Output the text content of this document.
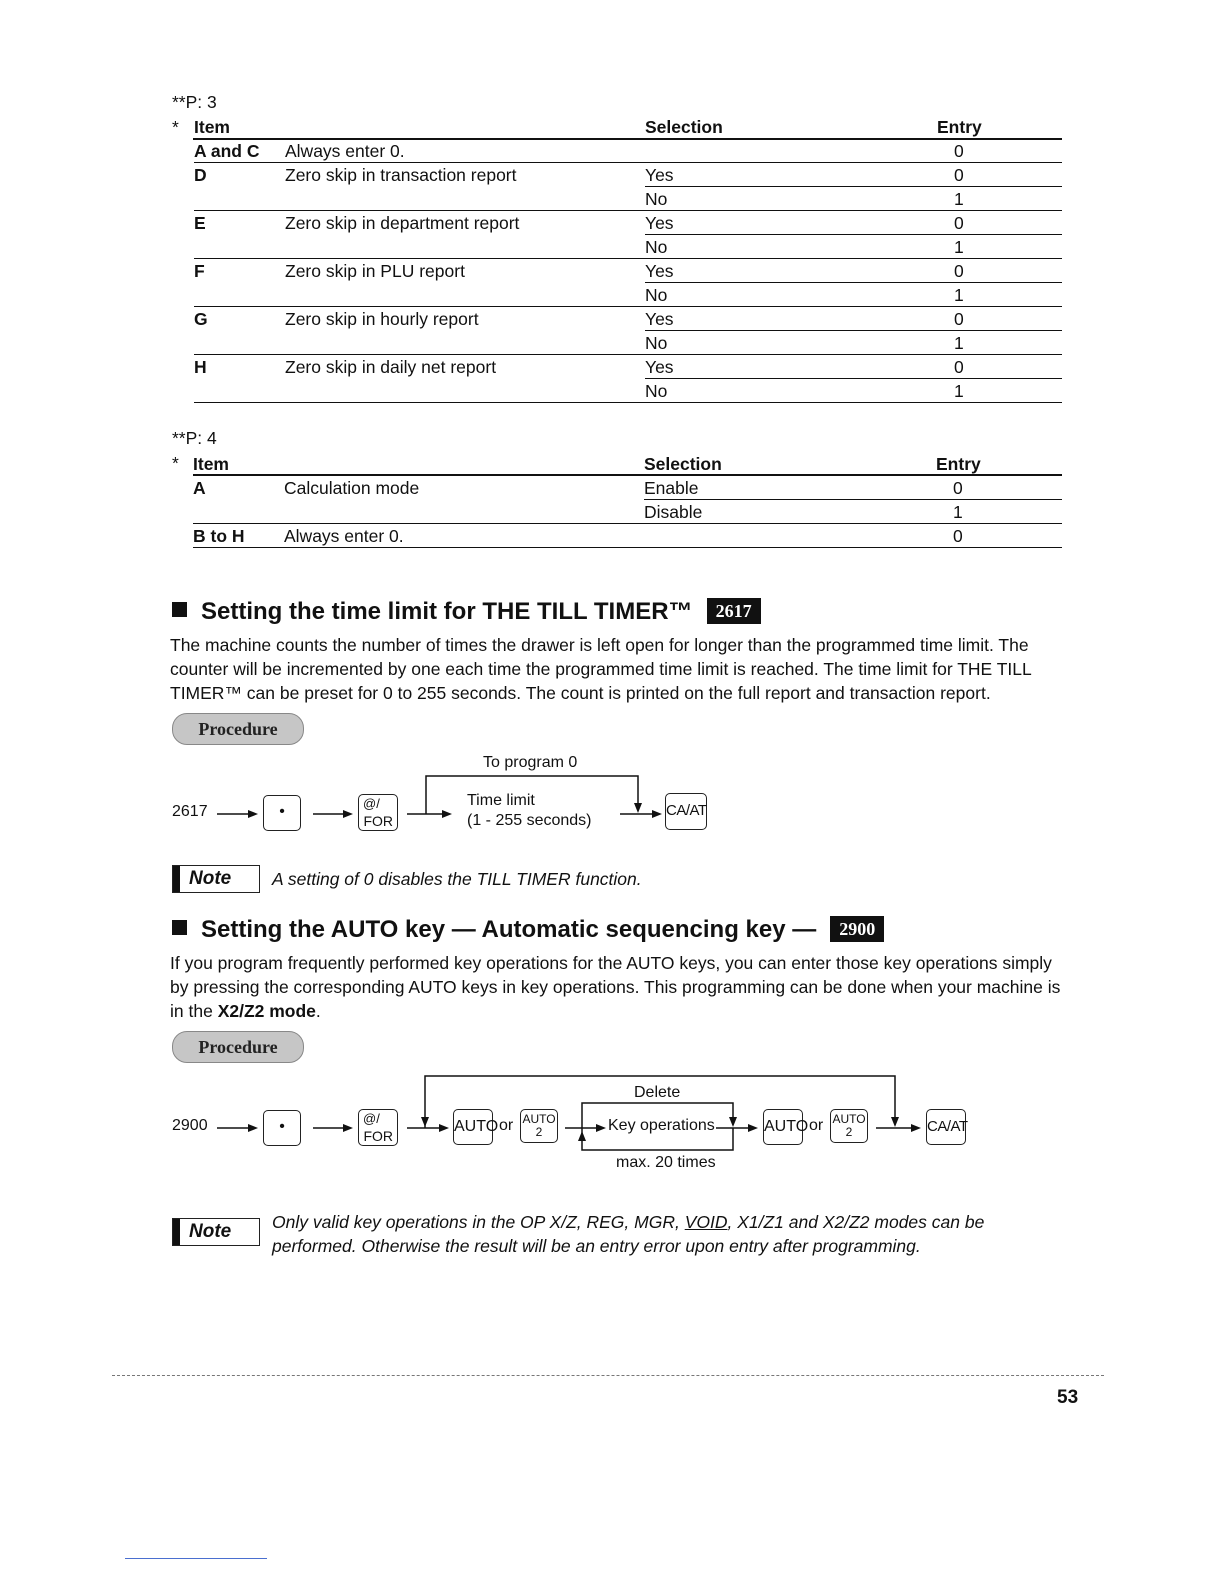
**P: 3
* Item	Selection	Entry
A and C Always enter 0.	0
D	Zero skip in transaction report	Yes	0
No	1
E	Zero skip in department report	Yes	0
No	1
F	Zero skip in PLU report	Yes	0
No	1
G	Zero skip in hourly report	Yes	0
No	1
H	Zero skip in daily net report	Yes	0
No	1
**P: 4
* Item	Selection	Entry
A	Calculation mode	Enable	0
Disable	1
B to H Always enter 0.	0
Setting the time limit for THE TILL TIMER™ 2617
The machine counts the number of times the drawer is left open for longer than the programmed time limit. The counter will be incremented by one each time the programmed time limit is reached. The time limit for THE TILL TIMER™ can be preset for 0 to 255 seconds. The count is printed on the full report and transaction report.
Procedure
2617	•	@/
FOR
To program 0
Time limit
(1 - 255 seconds)
CA/AT
Note A setting of 0 disables the TILL TIMER function.
Setting the AUTO key — Automatic sequencing key — 2900
If you program frequently performed key operations for the AUTO keys, you can enter those key operations simply by pressing the corresponding AUTO keys in key operations. This programming can be done when your machine is in the X2/Z2 mode.
Procedure
2900	•	@/
FOR
AUTO or AUTO
2
Delete
Key operations
max. 20 times
AUTO or AUTO
2	CA/AT
Note Only valid key operations in the OP X/Z, REG, MGR, VOID, X1/Z1 and X2/Z2 modes can be performed. Otherwise the result will be an entry error upon entry after programming.
53
